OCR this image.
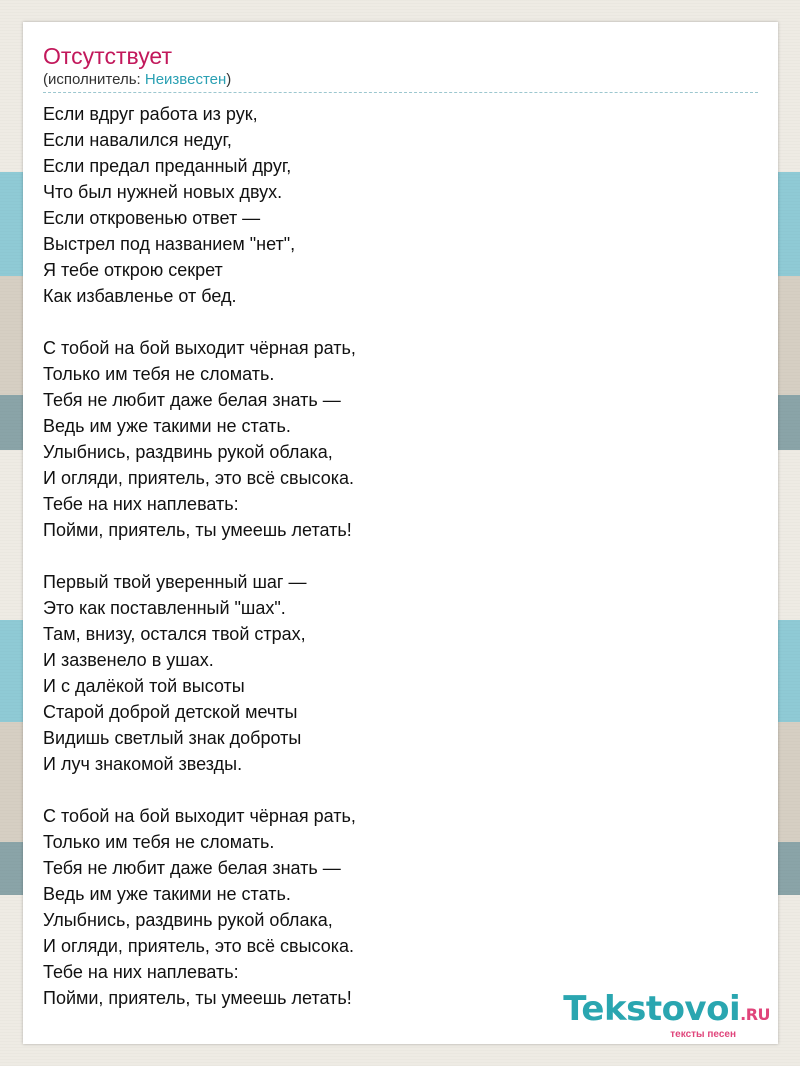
Отсутствует
(исполнитель: Неизвестен)
Если вдруг работа из рук,
Если навалился недуг,
Если предал преданный друг,
Что был нужней новых двух.
Если откровенью ответ —
Выстрел под названием "нет",
Я тебе открою секрет
Как избавленье от бед.
С тобой на бой выходит чёрная рать,
Только им тебя не сломать.
Тебя не любит даже белая знать —
Ведь им уже такими не стать.
Улыбнись, раздвинь рукой облака,
И огляди, приятель, это всё свысока.
Тебе на них наплевать:
Пойми, приятель, ты умеешь летать!
Первый твой уверенный шаг —
Это как поставленный "шах".
Там, внизу, остался твой страх,
И зазвенело в ушах.
И с далёкой той высоты
Старой доброй детской мечты
Видишь светлый знак доброты
И луч знакомой звезды.
С тобой на бой выходит чёрная рать,
Только им тебя не сломать.
Тебя не любит даже белая знать —
Ведь им уже такими не стать.
Улыбнись, раздвинь рукой облака,
И огляди, приятель, это всё свысока.
Тебе на них наплевать:
Пойми, приятель, ты умеешь летать!	Tekstovoi.RU
тексты песен
